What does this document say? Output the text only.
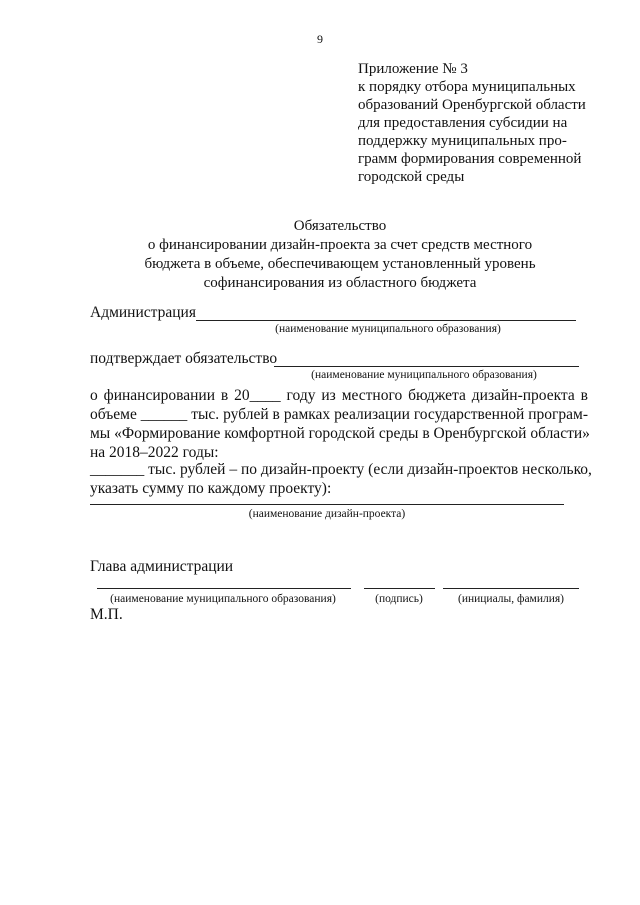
9
Приложение № 3
к порядку отбора муниципальных
образований Оренбургской области
для предоставления субсидии на
поддержку муниципальных про-
грамм формирования современной
городской среды
Обязательство
о финансировании дизайн-проекта за счет средств местного
бюджета в объеме, обеспечивающем установленный уровень
софинансирования из областного бюджета
Администрация
(наименование муниципального образования)
подтверждает обязательство
(наименование муниципального образования)
о финансировании в 20____ году из местного бюджета дизайн-проекта в
объеме ______ тыс. рублей в рамках реализации государственной програм-
мы «Формирование комфортной городской среды в Оренбургской области»
на 2018–2022 годы:
_______ тыс. рублей – по дизайн-проекту (если дизайн-проектов несколько,
указать сумму по каждому проекту):
(наименование дизайн-проекта)
Глава администрации
(наименование муниципального образования)	(подпись)	(инициалы, фамилия)
М.П.
